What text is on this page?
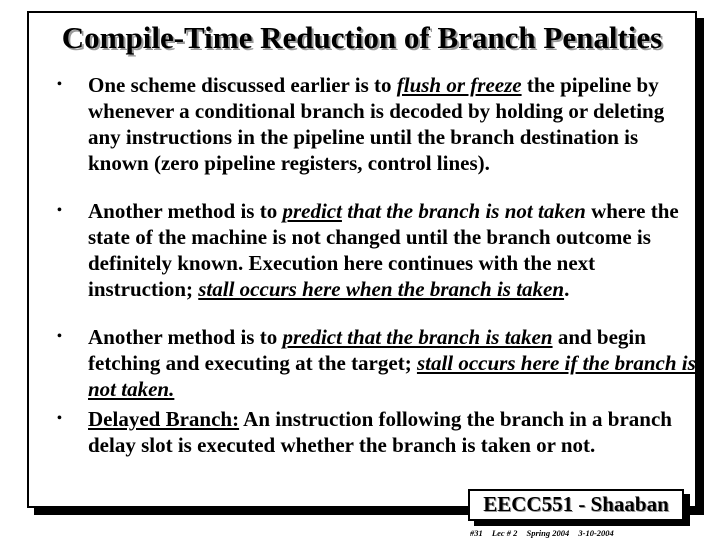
Compile-Time Reduction of Branch Penalties
• One scheme discussed earlier is to flush or freeze the pipeline by whenever a conditional branch is decoded by holding or deleting any instructions in the pipeline until the branch destination is known (zero pipeline registers, control lines).
• Another method is to predict that the branch is not taken where the state of the machine is not changed until the branch outcome is definitely known. Execution here continues with the next instruction; stall occurs here when the branch is taken.
• Another method is to predict that the branch is taken and begin fetching and executing at the target; stall occurs here if the branch is not taken.
• Delayed Branch: An instruction following the branch in a branch delay slot is executed whether the branch is taken or not.
EECC551 - Shaaban
#31 Lec # 2 Spring 2004 3-10-2004
